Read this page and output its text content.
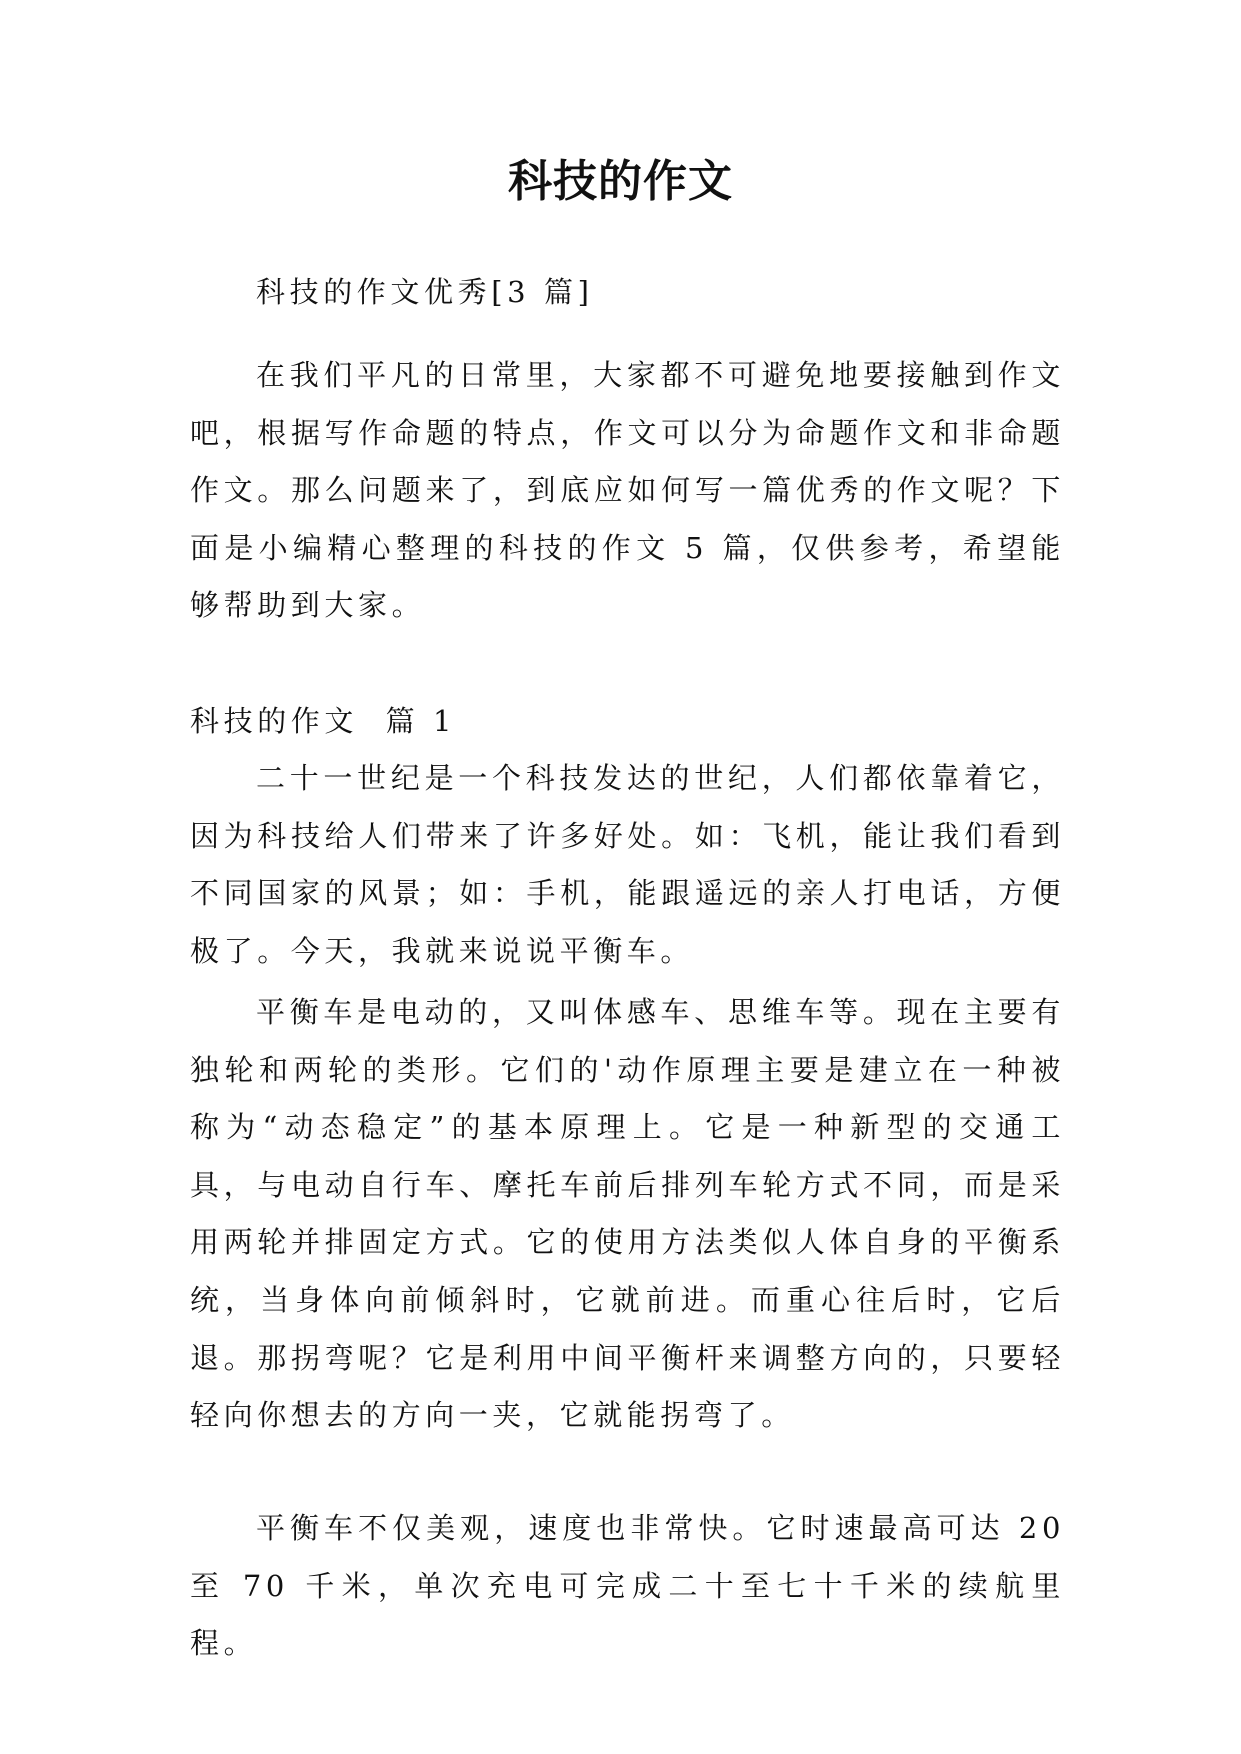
科技的作文

科技的作文优秀[3 篇]

在我们平凡的日常里，大家都不可避免地要接触到作文吧，根据写作命题的特点，作文可以分为命题作文和非命题作文。那么问题来了，到底应如何写一篇优秀的作文呢？下面是小编精心整理的科技的作文 5 篇，仅供参考，希望能够帮助到大家。

科技的作文  篇 1

二十一世纪是一个科技发达的世纪，人们都依靠着它，因为科技给人们带来了许多好处。如：飞机，能让我们看到不同国家的风景；如：手机，能跟遥远的亲人打电话，方便极了。今天，我就来说说平衡车。

平衡车是电动的，又叫体感车、思维车等。现在主要有独轮和两轮的类形。它们的'动作原理主要是建立在一种被称为“动态稳定”的基本原理上。它是一种新型的交通工具，与电动自行车、摩托车前后排列车轮方式不同，而是采用两轮并排固定方式。它的使用方法类似人体自身的平衡系统，当身体向前倾斜时，它就前进。而重心往后时，它后退。那拐弯呢？它是利用中间平衡杆来调整方向的，只要轻轻向你想去的方向一夹，它就能拐弯了。

平衡车不仅美观，速度也非常快。它时速最高可达 20 至 70 千米，单次充电可完成二十至七十千米的续航里程。
